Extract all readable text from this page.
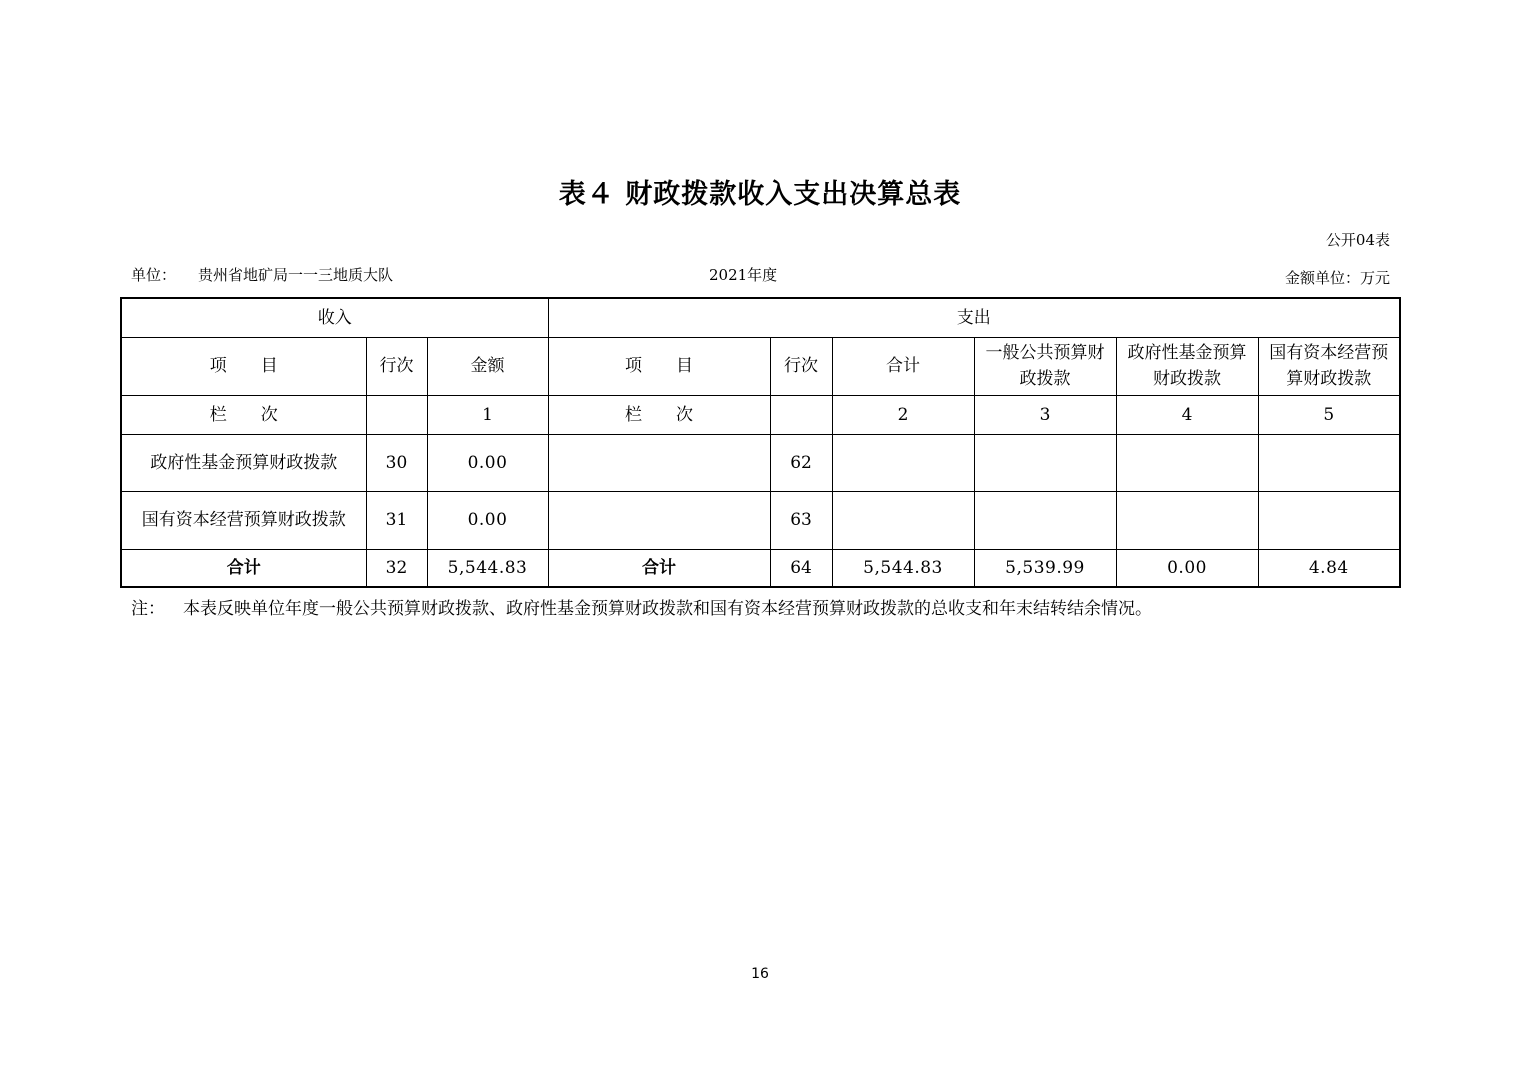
表４ 财政拨款收入支出决算总表
公开04表
单位： 贵州省地矿局一一三地质大队	2021年度	金额单位：万元
收入			支出					
项　　目	行次	金额	项　　目	行次	合计	一般公共预算财政拨款	政府性基金预算财政拨款	国有资本经营预算财政拨款
栏　　次		1	栏　　次		2	3	4	5
政府性基金预算财政拨款	30	0.00		62				
国有资本经营预算财政拨款	31	0.00		63				
合计	32	5,544.83	合计	64	5,544.83	5,539.99	0.00	4.84
注： 本表反映单位年度一般公共预算财政拨款、政府性基金预算财政拨款和国有资本经营预算财政拨款的总收支和年末结转结余情况。
16
